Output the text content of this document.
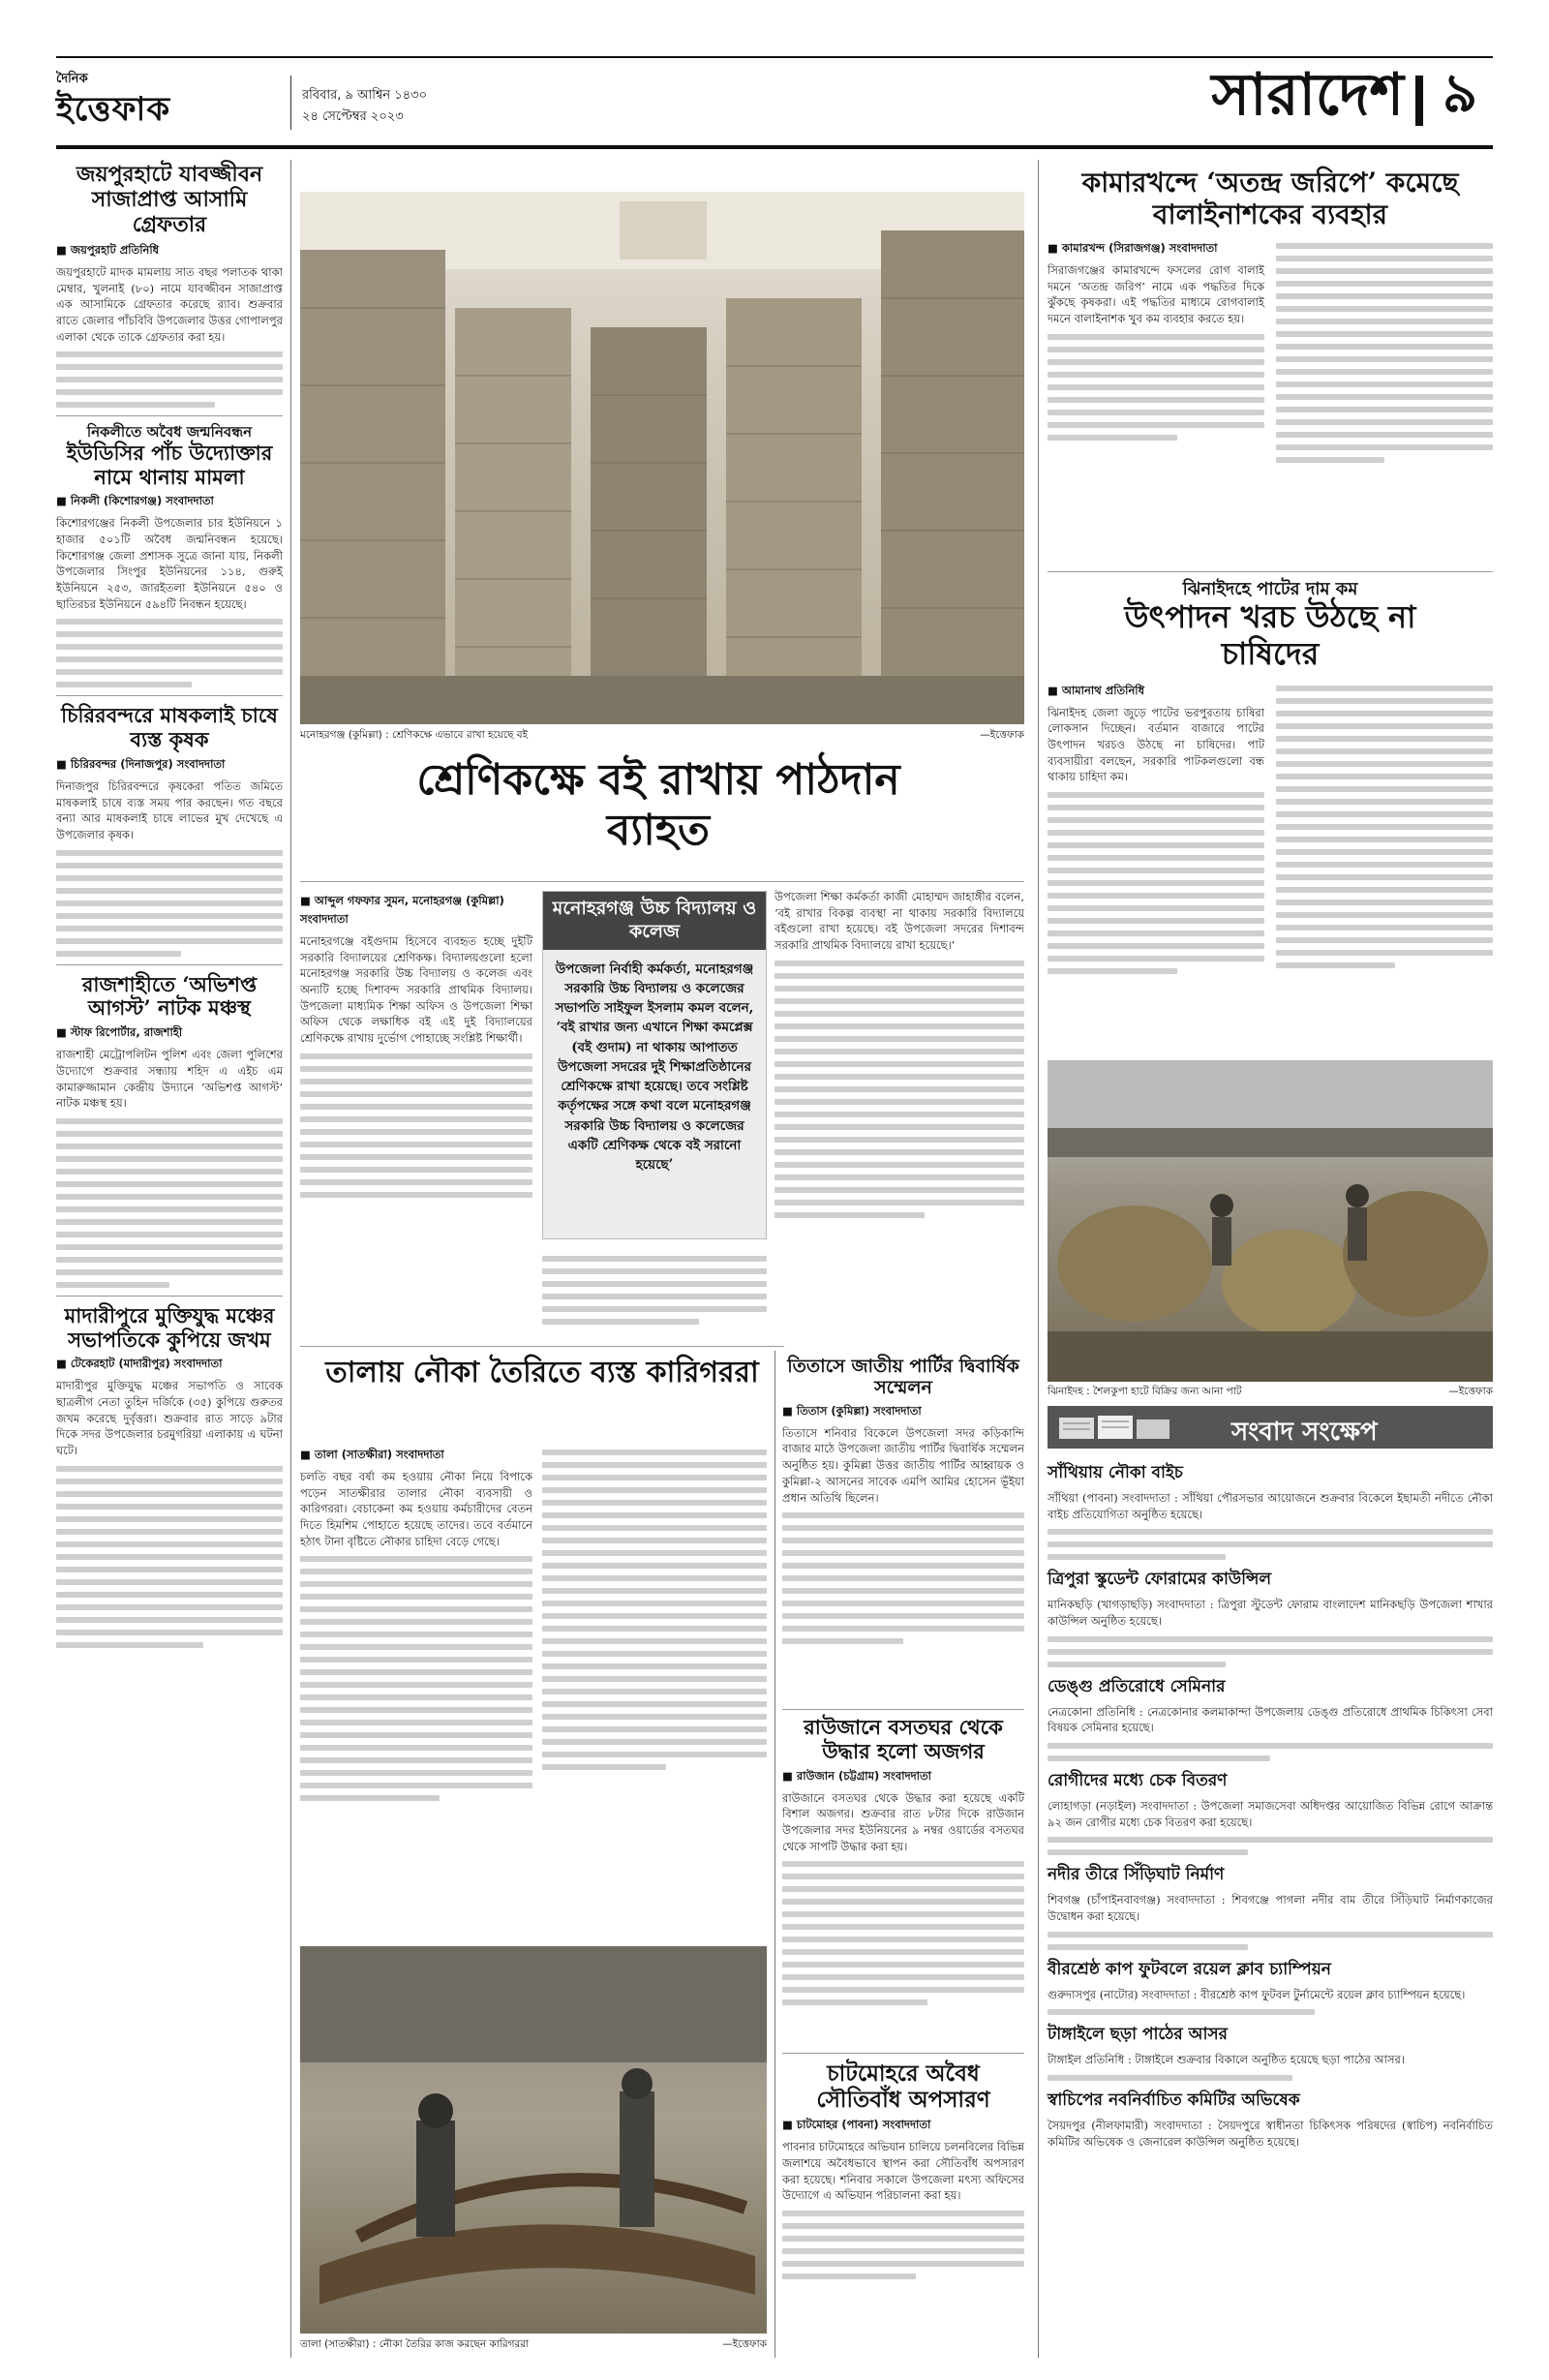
দৈনিক
ইত্তেফাক	রবিবার, ৯ আশ্বিন ১৪৩০
২৪ সেপ্টেম্বর ২০২৩	সারাদেশ ৯
জয়পুরহাটে যাবজ্জীবন সাজাপ্রাপ্ত আসামি গ্রেফতার
■ জয়পুরহাট প্রতিনিধি
জয়পুরহাটে মাদক মামলায় সাত বছর পলাতক থাকা মেম্বার, খুলনাই (৮০) নামে যাবজ্জীবন সাজাপ্রাপ্ত এক আসামিকে গ্রেফতার করেছে র‌্যাব। শুক্রবার রাতে জেলার পাঁচবিবি উপজেলার উত্তর গোপালপুর এলাকা থেকে তাকে গ্রেফতার করা হয়।
নিকলীতে অবৈধ জন্মনিবন্ধন
ইউডিসির পাঁচ উদ্যোক্তার নামে থানায় মামলা
■ নিকলী (কিশোরগঞ্জ) সংবাদদাতা
কিশোরগঞ্জের নিকলী উপজেলার চার ইউনিয়নে ১ হাজার ৫০১টি অবৈধ জন্মনিবন্ধন হয়েছে। কিশোরগঞ্জ জেলা প্রশাসক সুত্রে জানা যায়, নিকলী উপজেলার সিংপুর ইউনিয়নের ১১৪, গুরুই ইউনিয়নে ২৫৩, জারইতলা ইউনিয়নে ৫৪০ ও ছাতিরচর ইউনিয়নে ৫৯৪টি নিবন্ধন হয়েছে।
চিরিরবন্দরে মাষকলাই চাষে ব্যস্ত কৃষক
■ চিরিরবন্দর (দিনাজপুর) সংবাদদাতা
দিনাজপুর চিরিরবন্দরে কৃষকেরা পতিত জমিতে মাষকলাই চাষে ব্যস্ত সময় পার করছেন। গত বছরে বন্যা আর মাষকলাই চাষে লাভের মুখ দেখেছে এ উপজেলার কৃষক।
রাজশাহীতে ‘অভিশপ্ত আগস্ট’ নাটক মঞ্চস্থ
■ স্টাফ রিপোর্টার, রাজশাহী
রাজশাহী মেট্রোপলিটন পুলিশ এবং জেলা পুলিশের উদ্যোগে শুক্রবার সন্ধ্যায় শহিদ এ এইচ এম কামারুজ্জামান কেন্দ্রীয় উদ্যানে ‘অভিশপ্ত আগস্ট’ নাটক মঞ্চস্থ হয়।
মাদারীপুরে মুক্তিযুদ্ধ মঞ্চের সভাপতিকে কুপিয়ে জখম
■ টেকেরহাট (মাদারীপুর) সংবাদদাতা
মাদারীপুর মুক্তিযুদ্ধ মঞ্চের সভাপতি ও সাবেক ছাত্রলীগ নেতা তুহিন দর্জিকে (৩৫) কুপিয়ে গুরুতর জখম করেছে দুর্বৃত্তরা। শুক্রবার রাত সাড়ে ৯টার দিকে সদর উপজেলার চরমুগরিয়া এলাকায় এ ঘটনা ঘটে।
মনোহরগঞ্জ (কুমিল্লা) : শ্রেণিকক্ষে এভাবে রাখা হয়েছে বই	—ইত্তেফাক
শ্রেণিকক্ষে বই রাখায় পাঠদান ব্যাহত
■ আব্দুল গফফার সুমন, মনোহরগঞ্জ (কুমিল্লা) সংবাদদাতা
মনোহরগঞ্জে বইগুদাম হিসেবে ব্যবহৃত হচ্ছে দুইটি সরকারি বিদ্যালয়ের শ্রেণিকক্ষ। বিদ্যালয়গুলো হলো মনোহরগঞ্জ সরকারি উচ্চ বিদ্যালয় ও কলেজ এবং অন্যটি হচ্ছে দিশাবন্দ সরকারি প্রাথমিক বিদ্যালয়। উপজেলা মাধ্যমিক শিক্ষা অফিস ও উপজেলা শিক্ষা অফিস থেকে লক্ষাধিক বই এই দুই বিদ্যালয়ের শ্রেণিকক্ষে রাখায় দুর্ভোগ পোহাচ্ছে সংশ্লিষ্ট শিক্ষার্থী।
মনোহরগঞ্জ উচ্চ বিদ্যালয় ও কলেজ
উপজেলা নির্বাহী কর্মকর্তা, মনোহরগঞ্জ সরকারি উচ্চ বিদ্যালয় ও কলেজের সভাপতি সাইফুল ইসলাম কমল বলেন, ‘বই রাখার জন্য এখানে শিক্ষা কমপ্লেক্স (বই গুদাম) না থাকায় আপাতত উপজেলা সদরের দুই শিক্ষাপ্রতিষ্ঠানের শ্রেণিকক্ষে রাখা হয়েছে। তবে সংশ্লিষ্ট কর্তৃপক্ষের সঙ্গে কথা বলে মনোহরগঞ্জ সরকারি উচ্চ বিদ্যালয় ও কলেজের একটি শ্রেণিকক্ষ থেকে বই সরানো হয়েছে’
উপজেলা শিক্ষা কর্মকর্তা কাজী মোহাম্মদ জাহাঙ্গীর বলেন, ‘বই রাখার বিকল্প ব্যবস্থা না থাকায় সরকারি বিদ্যালয়ে বইগুলো রাখা হয়েছে। বই উপজেলা সদরের দিশাবন্দ সরকারি প্রাথমিক বিদ্যালয়ে রাখা হয়েছে।’
তালায় নৌকা তৈরিতে ব্যস্ত কারিগররা
■ তালা (সাতক্ষীরা) সংবাদদাতা
চলতি বছর বর্ষা কম হওয়ায় নৌকা নিয়ে বিপাকে পড়েন সাতক্ষীরার তালার নৌকা ব্যবসায়ী ও কারিগররা। বেচাকেনা কম হওয়ায় কর্মচারীদের বেতন দিতে হিমশিম পোহাতে হয়েছে তাদের। তবে বর্তমানে হঠাৎ টানা বৃষ্টিতে নৌকার চাহিদা বেড়ে গেছে।
তালা (সাতক্ষীরা) : নৌকা তৈরির কাজ করছেন কারিগররা	—ইত্তেফাক
তিতাসে জাতীয় পার্টির দ্বিবার্ষিক সম্মেলন
■ তিতাস (কুমিল্লা) সংবাদদাতা
তিতাসে শনিবার বিকেলে উপজেলা সদর কড়িকান্দি বাজার মাঠে উপজেলা জাতীয় পার্টির দ্বিবার্ষিক সম্মেলন অনুষ্ঠিত হয়। কুমিল্লা উত্তর জাতীয় পার্টির আহ্বায়ক ও কুমিল্লা-২ আসনের সাবেক এমপি আমির হোসেন ভূঁইয়া প্রধান অতিথি ছিলেন।
রাউজানে বসতঘর থেকে উদ্ধার হলো অজগর
■ রাউজান (চট্টগ্রাম) সংবাদদাতা
রাউজানে বসতঘর থেকে উদ্ধার করা হয়েছে একটি বিশাল অজগর। শুক্রবার রাত ৮টার দিকে রাউজান উপজেলার সদর ইউনিয়নের ৯ নম্বর ওয়ার্ডের বসতঘর থেকে সাপটি উদ্ধার করা হয়।
চাটমোহরে অবৈধ সৌতিবাঁধ অপসারণ
■ চাটমোহর (পাবনা) সংবাদদাতা
পাবনার চাটমোহরে অভিযান চালিয়ে চলনবিলের বিভিন্ন জলাশয়ে অবৈধভাবে স্থাপন করা সৌতিবাঁধ অপসারণ করা হয়েছে। শনিবার সকালে উপজেলা মৎস্য অফিসের উদ্যোগে এ অভিযান পরিচালনা করা হয়।
কামারখন্দে ‘অতন্দ্র জরিপে’ কমেছে বালাইনাশকের ব্যবহার
■ কামারখন্দ (সিরাজগঞ্জ) সংবাদদাতা
সিরাজগঞ্জের কামারখন্দে ফসলের রোগ বালাই দমনে ‘অতন্দ্র জরিপ’ নামে এক পদ্ধতির দিকে ঝুঁকছে কৃষকরা। এই পদ্ধতির মাধ্যমে রোগবালাই দমনে বালাইনাশক খুব কম ব্যবহার করতে হয়।
ঝিনাইদহে পাটের দাম কম
উৎপাদন খরচ উঠছে না চাষিদের
■ আমানাথ প্রতিনিধি
ঝিনাইদহ জেলা জুড়ে পাটের ভরপুরতায় চাষিরা লোকসান দিচ্ছেন। বর্তমান বাজারে পাটের উৎপাদন খরচও উঠছে না চাষিদের। পাট ব্যবসায়ীরা বলছেন, সরকারি পাটকলগুলো বন্ধ থাকায় চাহিদা কম।
ঝিনাইদহ : শৈলকুপা হাটে বিক্রির জন্য আনা পাট	—ইত্তেফাক
সংবাদ সংক্ষেপ
সাঁথিয়ায় নৌকা বাইচ
সাঁথিয়া (পাবনা) সংবাদদাতা : সাঁথিয়া পৌরসভার আয়োজনে শুক্রবার বিকেলে ইছামতী নদীতে নৌকা বাইচ প্রতিযোগিতা অনুষ্ঠিত হয়েছে।
ত্রিপুরা স্কুডেন্ট ফোরামের কাউন্সিল
মানিকছড়ি (খাগড়াছড়ি) সংবাদদাতা : ত্রিপুরা স্টুডেন্ট ফোরাম বাংলাদেশ মানিকছড়ি উপজেলা শাখার কাউন্সিল অনুষ্ঠিত হয়েছে।
ডেঙ্গু প্রতিরোধে সেমিনার
নেত্রকোনা প্রতিনিধি : নেত্রকোনার কলমাকান্দা উপজেলায় ডেঙ্গু প্রতিরোধে প্রাথমিক চিকিৎসা সেবা বিষয়ক সেমিনার হয়েছে।
রোগীদের মধ্যে চেক বিতরণ
লোহাগড়া (নড়াইল) সংবাদদাতা : উপজেলা সমাজসেবা অধিদপ্তর আয়োজিত বিভিন্ন রোগে আক্রান্ত ৯২ জন রোগীর মধ্যে চেক বিতরণ করা হয়েছে।
নদীর তীরে সিঁড়িঘাট নির্মাণ
শিবগঞ্জ (চাঁপাইনবাবগঞ্জ) সংবাদদাতা : শিবগঞ্জে পাগলা নদীর বাম তীরে সিঁড়িঘাট নির্মাণকাজের উদ্বোধন করা হয়েছে।
বীরশ্রেষ্ঠ কাপ ফুটবলে রয়েল ক্লাব চ্যাম্পিয়ন
গুরুদাসপুর (নাটোর) সংবাদদাতা : বীরশ্রেষ্ঠ কাপ ফুটবল টুর্নামেন্টে রয়েল ক্লাব চ্যাম্পিয়ন হয়েছে।
টাঙ্গাইলে ছড়া পাঠের আসর
টাঙ্গাইল প্রতিনিধি : টাঙ্গাইলে শুক্রবার বিকালে অনুষ্ঠিত হয়েছে ছড়া পাঠের আসর।
স্বাচিপের নবনির্বাচিত কমিটির অভিষেক
সৈয়দপুর (নীলফামারী) সংবাদদাতা : সৈয়দপুরে স্বাধীনতা চিকিৎসক পরিষদের (স্বাচিপ) নবনির্বাচিত কমিটির অভিষেক ও জেনারেল কাউন্সিল অনুষ্ঠিত হয়েছে।
